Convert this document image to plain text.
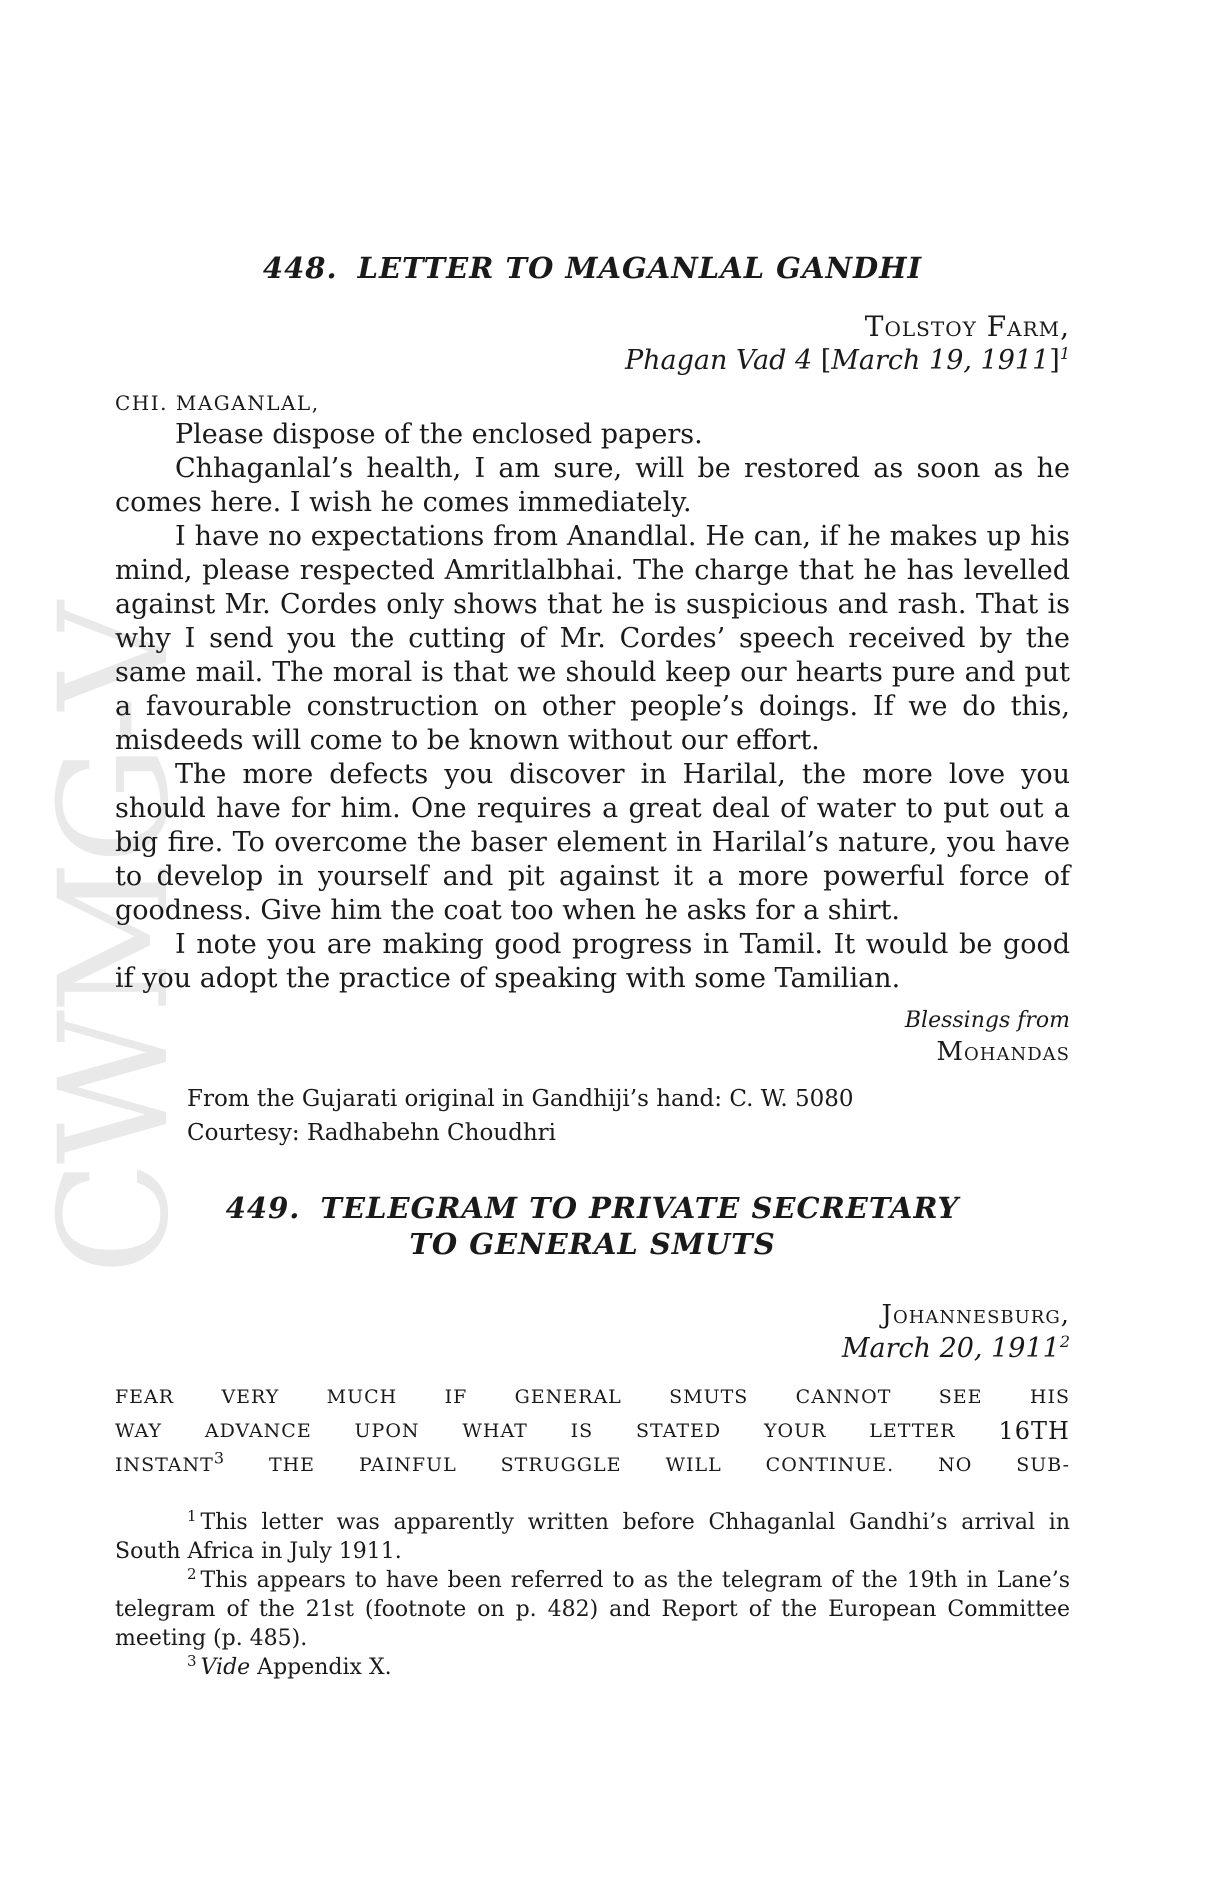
CWMG-V
448. LETTER TO MAGANLAL GANDHI
Tolstoy Farm,
Phagan Vad 4 [March 19, 1911]$^1$
CHI. MAGANLAL,

Please dispose of the enclosed papers.

Chhaganlal’s health, I am sure, will be restored as soon as he comes here. I wish he comes immediately.

I have no expectations from Anandlal. He can, if he makes up his mind, please respected Amritlalbhai. The charge that he has levelled against Mr. Cordes only shows that he is suspicious and rash. That is why I send you the cutting of Mr. Cordes’ speech received by the same mail. The moral is that we should keep our hearts pure and put a favourable construction on other people’s doings. If we do this, misdeeds will come to be known without our effort.

The more defects you discover in Harilal, the more love you should have for him. One requires a great deal of water to put out a big fire. To overcome the baser element in Harilal’s nature, you have to develop in yourself and pit against it a more powerful force of goodness. Give him the coat too when he asks for a shirt.

I note you are making good progress in Tamil. It would be good if you adopt the practice of speaking with some Tamilian.

Blessings from
Mohandas
From the Gujarati original in Gandhiji’s hand: C. W. 5080
Courtesy: Radhabehn Choudhri
449. TELEGRAM TO PRIVATE SECRETARY
TO GENERAL SMUTS
Johannesburg,
March 20, 1911$^2$
FEAR VERY MUCH IF GENERAL SMUTS CANNOT SEE HIS
WAY ADVANCE UPON WHAT IS STATED YOUR LETTER 16TH
INSTANT$^3$ THE PAINFUL STRUGGLE WILL CONTINUE. NO SUB-

$^1$ This letter was apparently written before Chhaganlal Gandhi’s arrival in South Africa in July 1911.

$^2$ This appears to have been referred to as the telegram of the 19th in Lane’s telegram of the 21st (footnote on p. 482) and Report of the European Committee meeting (p. 485).

$^3$ Vide Appendix X.
